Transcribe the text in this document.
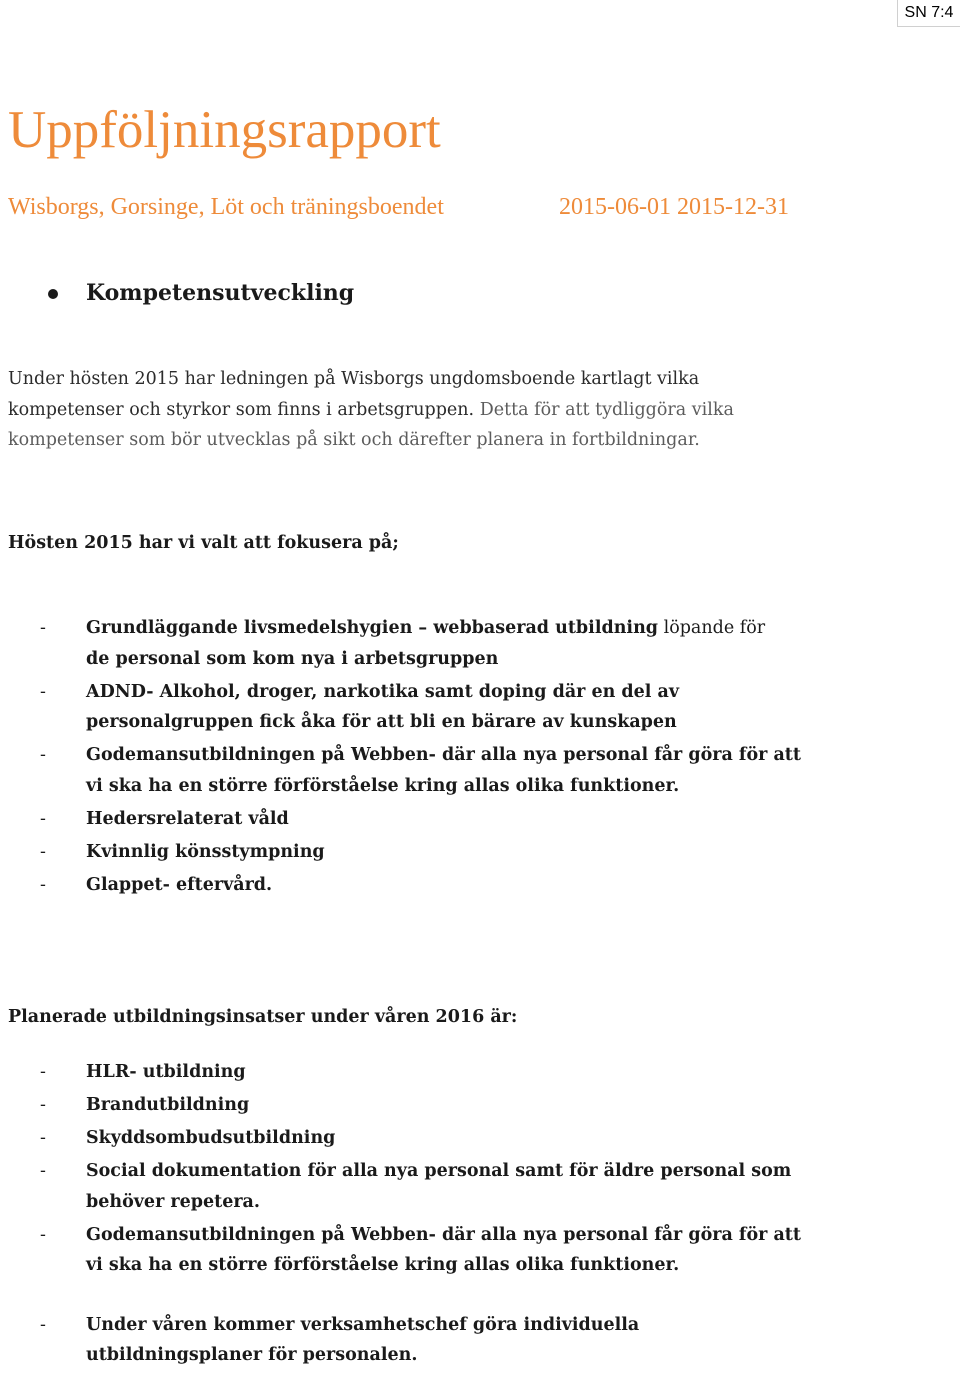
SN 7:4
Uppföljningsrapport
Wisborgs, Gorsinge, Löt och träningsboendet	2015-06-01 2015-12-31
Kompetensutveckling

Under hösten 2015 har ledningen på Wisborgs ungdomsboende kartlagt vilka
kompetenser och styrkor som finns i arbetsgruppen. Detta för att tydliggöra vilka
kompetenser som bör utvecklas på sikt och därefter planera in fortbildningar.

Hösten 2015 har vi valt att fokusera på;

- Grundläggande livsmedelshygien – webbaserad utbildning löpande för
de personal som kom nya i arbetsgruppen
- ADND- Alkohol, droger, narkotika samt doping där en del av
personalgruppen fick åka för att bli en bärare av kunskapen
- Godemansutbildningen på Webben- där alla nya personal får göra för att
vi ska ha en större förförståelse kring allas olika funktioner.
- Hedersrelaterat våld
- Kvinnlig könsstympning
- Glappet- eftervård.

Planerade utbildningsinsatser under våren 2016 är:

- HLR- utbildning
- Brandutbildning
- Skyddsombudsutbildning
- Social dokumentation för alla nya personal samt för äldre personal som
behöver repetera.
- Godemansutbildningen på Webben- där alla nya personal får göra för att
vi ska ha en större förförståelse kring allas olika funktioner.
- Under våren kommer verksamhetschef göra individuella
utbildningsplaner för personalen.
